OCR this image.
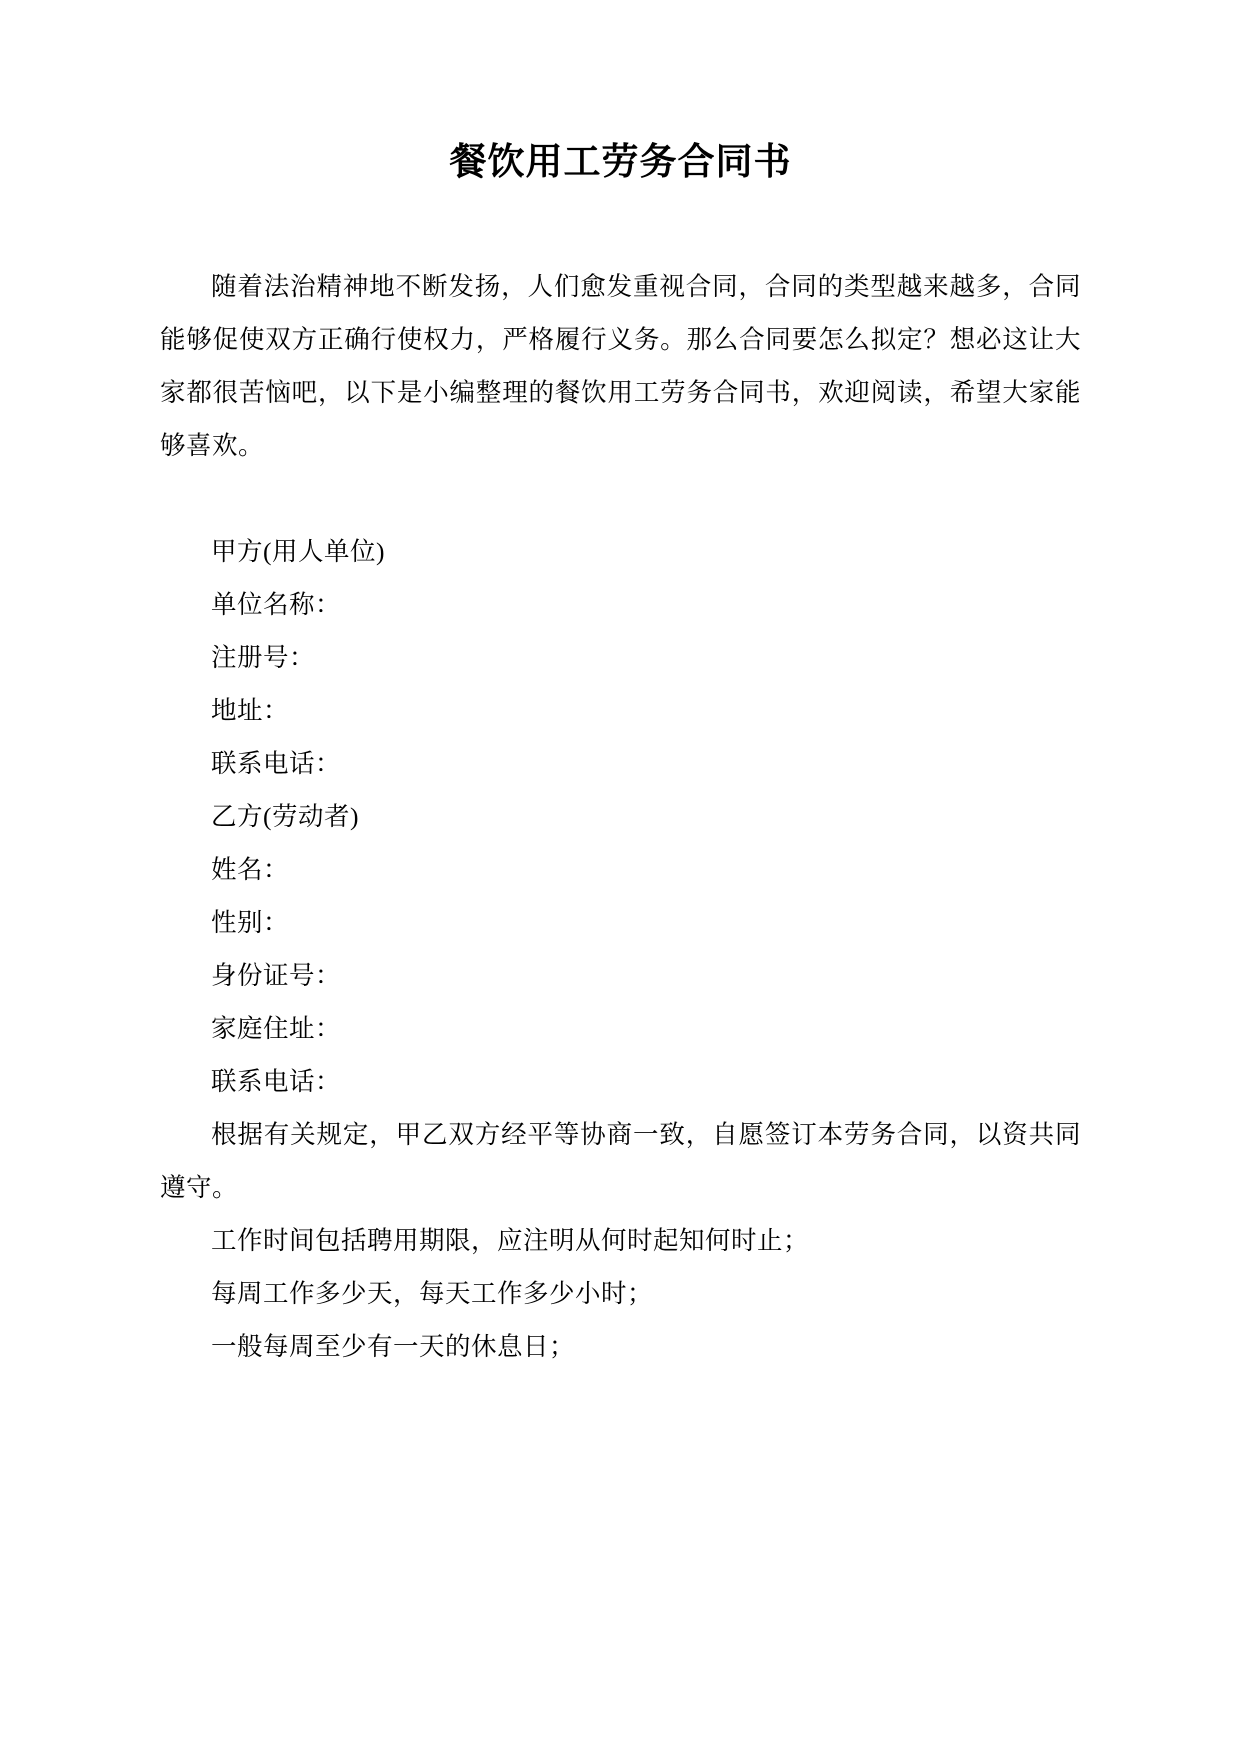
餐饮用工劳务合同书

随着法治精神地不断发扬，人们愈发重视合同，合同的类型越来越多，合同能够促使双方正确行使权力，严格履行义务。那么合同要怎么拟定？想必这让大家都很苦恼吧，以下是小编整理的餐饮用工劳务合同书，欢迎阅读，希望大家能够喜欢。

甲方(用人单位)

单位名称：

注册号：

地址：

联系电话：

乙方(劳动者)

姓名：

性别：

身份证号：

家庭住址：

联系电话：

根据有关规定，甲乙双方经平等协商一致，自愿签订本劳务合同，以资共同遵守。

工作时间包括聘用期限，应注明从何时起知何时止；

每周工作多少天，每天工作多少小时；

一般每周至少有一天的休息日；
